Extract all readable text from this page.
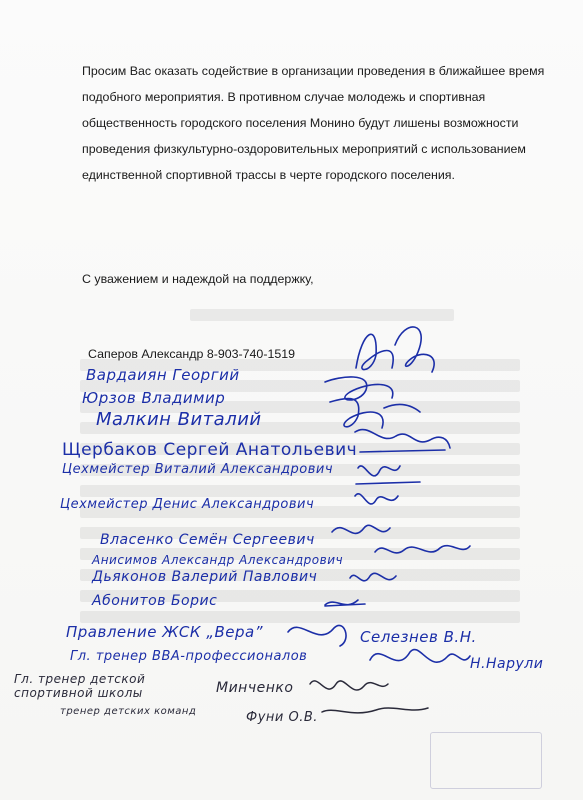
Просим Вас оказать содействие в организации проведения в ближайшее время подобного мероприятия. В противном случае молодежь и спортивная общественность городского поселения Монино будут лишены возможности проведения физкультурно-оздоровительных мероприятий с использованием единственной спортивной трассы в черте городского поселения.

С уважением и надеждой на поддержку,
Саперов Александр 8-903-740-1519
Вардаиян Георгий
Юрзов Владимир
Малкин Виталий
Щербаков Сергей Анатольевич
Цехмейстер Виталий Александрович
Цехмейстер Денис Александрович
Власенко Семён Сергеевич
Анисимов Александр Александрович
Дьяконов Валерий Павлович
Абонитов Борис
Правление ЖСК „Вера”	Селезнев В.Н.
Гл. тренер ВВА-профессионалов	Н.Нарули
Гл. тренер детской спортивной школы	Минченко
тренер детских команд	Фуни О.В.
